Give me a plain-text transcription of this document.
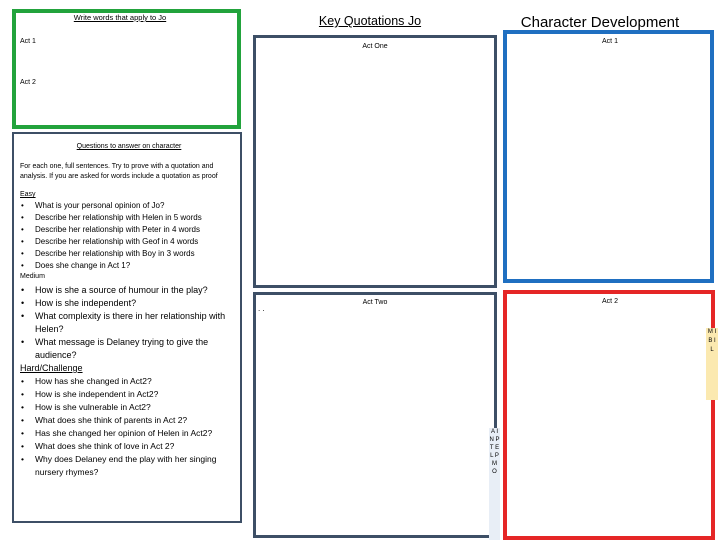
Write words that apply to Jo
Act 1
Act 2
Key Quotations Jo
Act One
Act Two
. .
Character Development
Act 1
Act 2
Questions to answer on character
For each one, full sentences. Try to prove with a quotation and analysis. If you are asked for words include a quotation as proof
Easy
• What is your personal opinion of Jo?
• Describe her relationship with Helen in 5 words
• Describe her relationship with Peter in 4 words
• Describe her relationship with Geof in 4 words
• Describe her relationship with Boy in 3 words
• Does she change in Act 1?
Medium
• How is she a source of humour in the play?
• How is she independent?
• What complexity is there in her relationship with Helen?
• What message is Delaney trying to give the audience?
Hard/Challenge
• How has she changed in Act2?
• How is she independent in Act2?
• How is she vulnerable in Act2?
• What does she think of parents in Act 2?
• Has she changed her opinion of Helen in Act2?
• What does she think of love in Act 2?
• Why does Delaney end the play with her singing nursery rhymes?
M I B I L
A I N P T E L P M O
